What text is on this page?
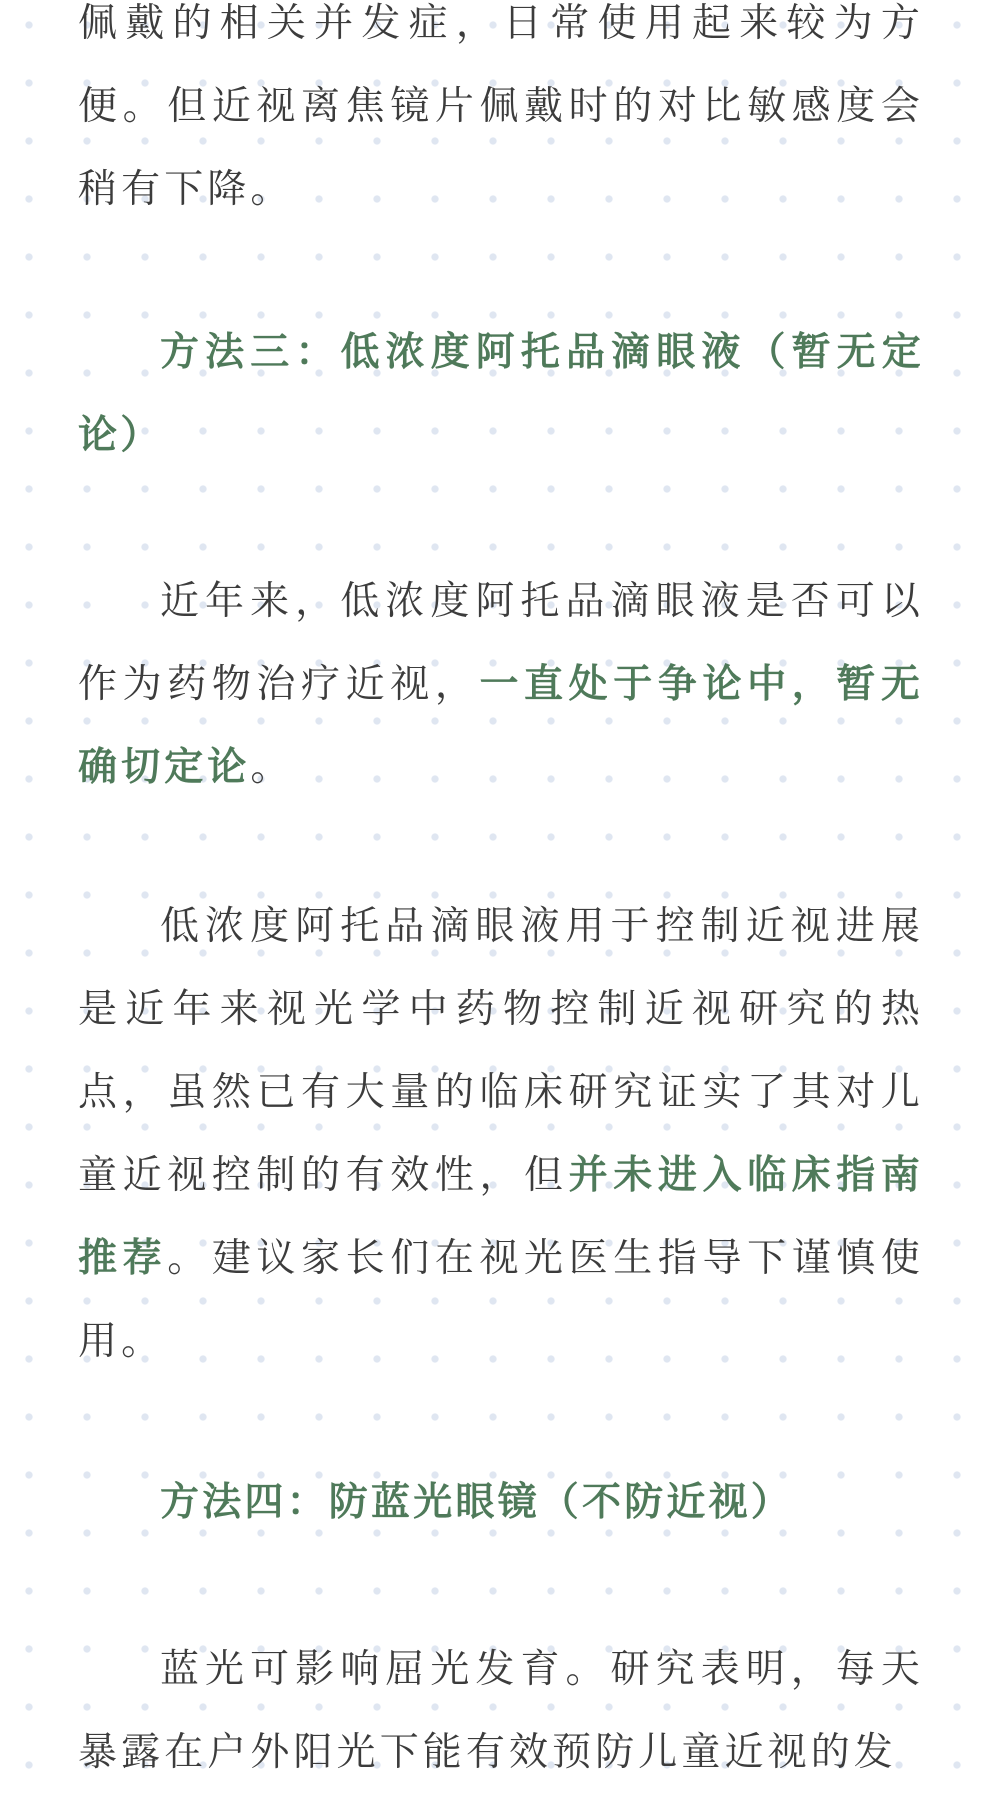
佩戴的相关并发症，日常使用起来较为方便。但近视离焦镜片佩戴时的对比敏感度会稍有下降。

方法三：低浓度阿托品滴眼液（暂无定论）

近年来，低浓度阿托品滴眼液是否可以作为药物治疗近视，一直处于争论中，暂无确切定论。

低浓度阿托品滴眼液用于控制近视进展是近年来视光学中药物控制近视研究的热点，虽然已有大量的临床研究证实了其对儿童近视控制的有效性，但并未进入临床指南推荐。建议家长们在视光医生指导下谨慎使用。

方法四：防蓝光眼镜（不防近视）

蓝光可影响屈光发育。研究表明，每天暴露在户外阳光下能有效预防儿童近视的发
